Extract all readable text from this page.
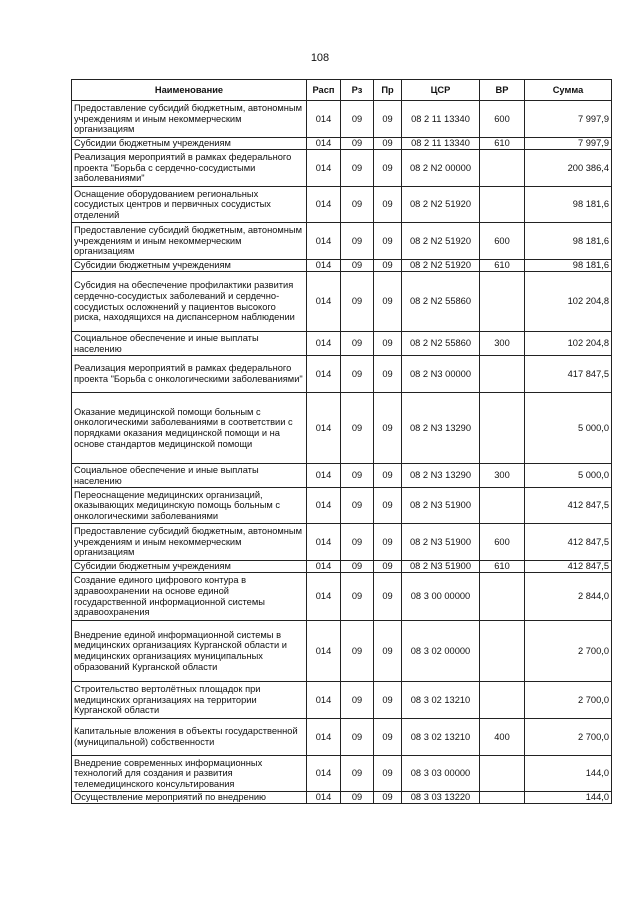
108
Наименование	Расп	Рз	Пр	ЦСР	ВР	Сумма
Предоставление субсидий бюджетным, автономным учреждениям и иным некоммерческим организациям	014	09	09	08 2 11 13340	600	7 997,9
Субсидии бюджетным учреждениям	014	09	09	08 2 11 13340	610	7 997,9
Реализация мероприятий в рамках федерального проекта "Борьба с сердечно-сосудистыми заболеваниями"	014	09	09	08 2 N2 00000		200 386,4
Оснащение оборудованием региональных сосудистых центров и первичных сосудистых отделений	014	09	09	08 2 N2 51920		98 181,6
Предоставление субсидий бюджетным, автономным учреждениям и иным некоммерческим организациям	014	09	09	08 2 N2 51920	600	98 181,6
Субсидии бюджетным учреждениям	014	09	09	08 2 N2 51920	610	98 181,6
Субсидия на обеспечение профилактики развития сердечно-сосудистых заболеваний и сердечно-сосудистых осложнений у пациентов высокого риска, находящихся на диспансерном наблюдении	014	09	09	08 2 N2 55860		102 204,8
Социальное обеспечение и иные выплаты населению	014	09	09	08 2 N2 55860	300	102 204,8
Реализация мероприятий в рамках федерального проекта "Борьба с онкологическими заболеваниями"	014	09	09	08 2 N3 00000		417 847,5
Оказание медицинской помощи больным с онкологическими заболеваниями в соответствии с порядками оказания медицинской помощи и на основе стандартов медицинской помощи	014	09	09	08 2 N3 13290		5 000,0
Социальное обеспечение и иные выплаты населению	014	09	09	08 2 N3 13290	300	5 000,0
Переоснащение медицинских организаций, оказывающих медицинскую помощь больным с онкологическими заболеваниями	014	09	09	08 2 N3 51900		412 847,5
Предоставление субсидий бюджетным, автономным учреждениям и иным некоммерческим организациям	014	09	09	08 2 N3 51900	600	412 847,5
Субсидии бюджетным учреждениям	014	09	09	08 2 N3 51900	610	412 847,5
Создание единого цифрового контура в здравоохранении на основе единой государственной информационной системы здравоохранения	014	09	09	08 3 00 00000		2 844,0
Внедрение единой информационной системы в медицинских организациях Курганской области и медицинских организациях муниципальных образований Курганской области	014	09	09	08 3 02 00000		2 700,0
Строительство вертолётных площадок при медицинских организациях на территории Курганской области	014	09	09	08 3 02 13210		2 700,0
Капитальные вложения в объекты государственной (муниципальной) собственности	014	09	09	08 3 02 13210	400	2 700,0
Внедрение современных информационных технологий для создания и развития телемедицинского консультирования	014	09	09	08 3 03 00000		144,0
Осуществление мероприятий по внедрению	014	09	09	08 3 03 13220		144,0
